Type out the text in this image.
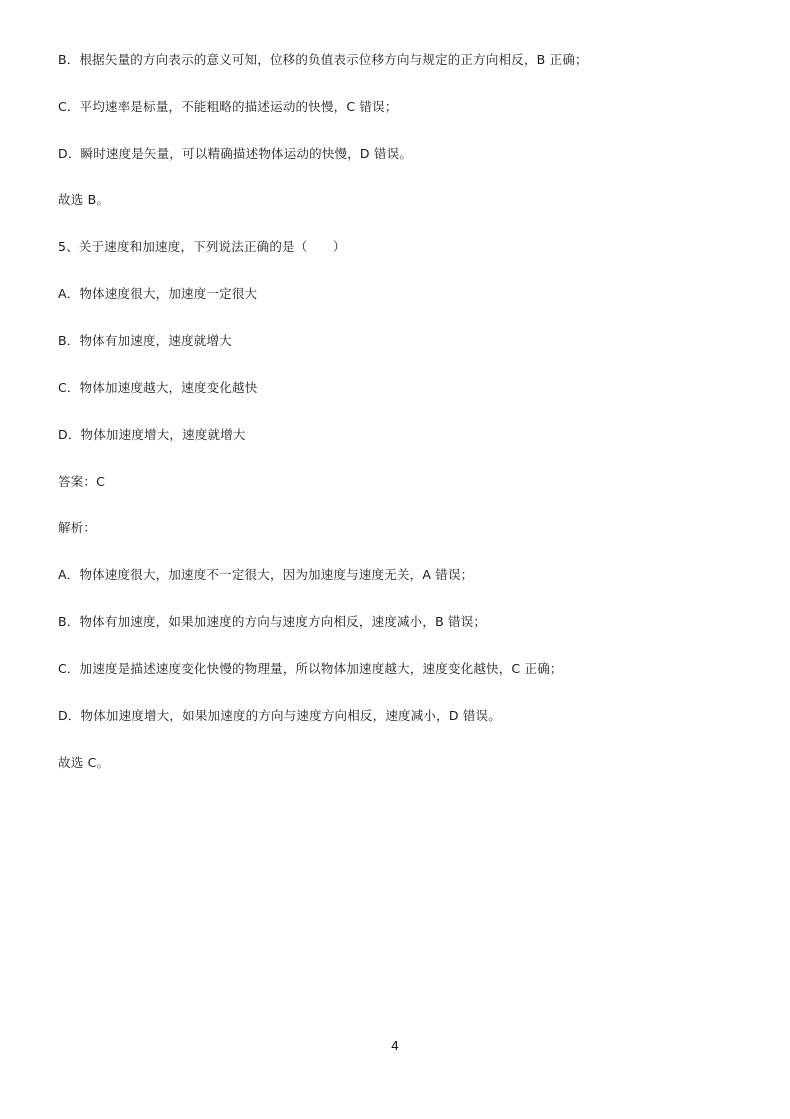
B．根据矢量的方向表示的意义可知，位移的负值表示位移方向与规定的正方向相反，B 正确；
C．平均速率是标量，不能粗略的描述运动的快慢，C 错误；
D．瞬时速度是矢量，可以精确描述物体运动的快慢，D 错误。
故选 B。
5、关于速度和加速度，下列说法正确的是（　　）
A．物体速度很大，加速度一定很大
B．物体有加速度，速度就增大
C．物体加速度越大，速度变化越快
D．物体加速度增大，速度就增大
答案：C
解析：
A．物体速度很大，加速度不一定很大，因为加速度与速度无关，A 错误；
B．物体有加速度，如果加速度的方向与速度方向相反，速度减小，B 错误；
C．加速度是描述速度变化快慢的物理量，所以物体加速度越大，速度变化越快，C 正确；
D．物体加速度增大，如果加速度的方向与速度方向相反，速度减小，D 错误。
故选 C。
4
